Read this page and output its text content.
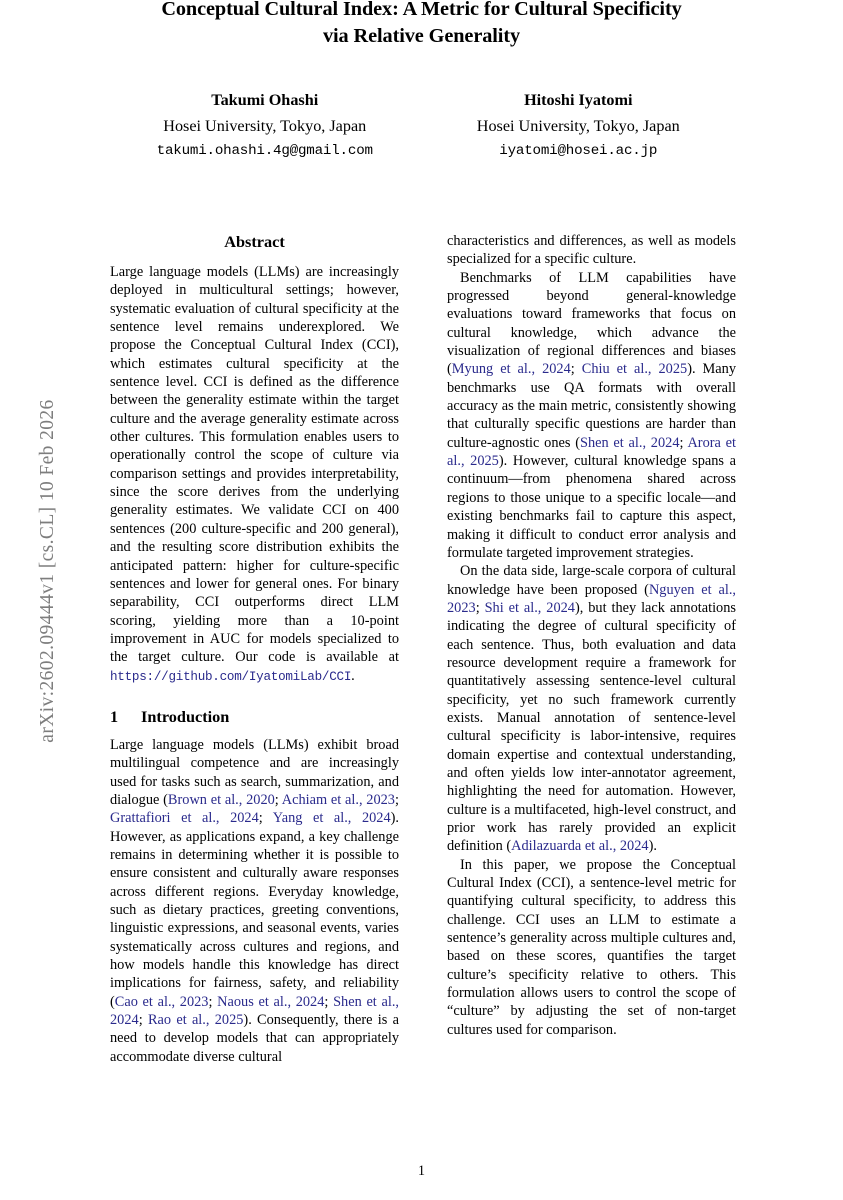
arXiv:2602.09444v1 [cs.CL] 10 Feb 2026
Conceptual Cultural Index: A Metric for Cultural Specificity
via Relative Generality
Takumi Ohashi
Hosei University, Tokyo, Japan
takumi.ohashi.4g@gmail.com
Hitoshi Iyatomi
Hosei University, Tokyo, Japan
iyatomi@hosei.ac.jp
Abstract

Large language models (LLMs) are increasingly deployed in multicultural settings; however, systematic evaluation of cultural specificity at the sentence level remains underexplored. We propose the Conceptual Cultural Index (CCI), which estimates cultural specificity at the sentence level. CCI is defined as the difference between the generality estimate within the target culture and the average generality estimate across other cultures. This formulation enables users to operationally control the scope of culture via comparison settings and provides interpretability, since the score derives from the underlying generality estimates. We validate CCI on 400 sentences (200 culture-specific and 200 general), and the resulting score distribution exhibits the anticipated pattern: higher for culture-specific sentences and lower for general ones. For binary separability, CCI outperforms direct LLM scoring, yielding more than a 10-point improvement in AUC for models specialized to the target culture. Our code is available at https://github.com/IyatomiLab/CCI.

1	Introduction

Large language models (LLMs) exhibit broad multilingual competence and are increasingly used for tasks such as search, summarization, and dialogue (Brown et al., 2020; Achiam et al., 2023; Grattafiori et al., 2024; Yang et al., 2024). However, as applications expand, a key challenge remains in determining whether it is possible to ensure consistent and culturally aware responses across different regions. Everyday knowledge, such as dietary practices, greeting conventions, linguistic expressions, and seasonal events, varies systematically across cultures and regions, and how models handle this knowledge has direct implications for fairness, safety, and reliability (Cao et al., 2023; Naous et al., 2024; Shen et al., 2024; Rao et al., 2025). Consequently, there is a need to develop models that can appropriately accommodate diverse cultural

characteristics and differences, as well as models specialized for a specific culture.

Benchmarks of LLM capabilities have progressed beyond general-knowledge evaluations toward frameworks that focus on cultural knowledge, which advance the visualization of regional differences and biases (Myung et al., 2024; Chiu et al., 2025). Many benchmarks use QA formats with overall accuracy as the main metric, consistently showing that culturally specific questions are harder than culture-agnostic ones (Shen et al., 2024; Arora et al., 2025). However, cultural knowledge spans a continuum—from phenomena shared across regions to those unique to a specific locale—and existing benchmarks fail to capture this aspect, making it difficult to conduct error analysis and formulate targeted improvement strategies.

On the data side, large-scale corpora of cultural knowledge have been proposed (Nguyen et al., 2023; Shi et al., 2024), but they lack annotations indicating the degree of cultural specificity of each sentence. Thus, both evaluation and data resource development require a framework for quantitatively assessing sentence-level cultural specificity, yet no such framework currently exists. Manual annotation of sentence-level cultural specificity is labor-intensive, requires domain expertise and contextual understanding, and often yields low inter-annotator agreement, highlighting the need for automation. However, culture is a multifaceted, high-level construct, and prior work has rarely provided an explicit definition (Adilazuarda et al., 2024).

In this paper, we propose the Conceptual Cultural Index (CCI), a sentence-level metric for quantifying cultural specificity, to address this challenge. CCI uses an LLM to estimate a sentence’s generality across multiple cultures and, based on these scores, quantifies the target culture’s specificity relative to others. This formulation allows users to control the scope of “culture” by adjusting the set of non-target cultures used for comparison.

1
